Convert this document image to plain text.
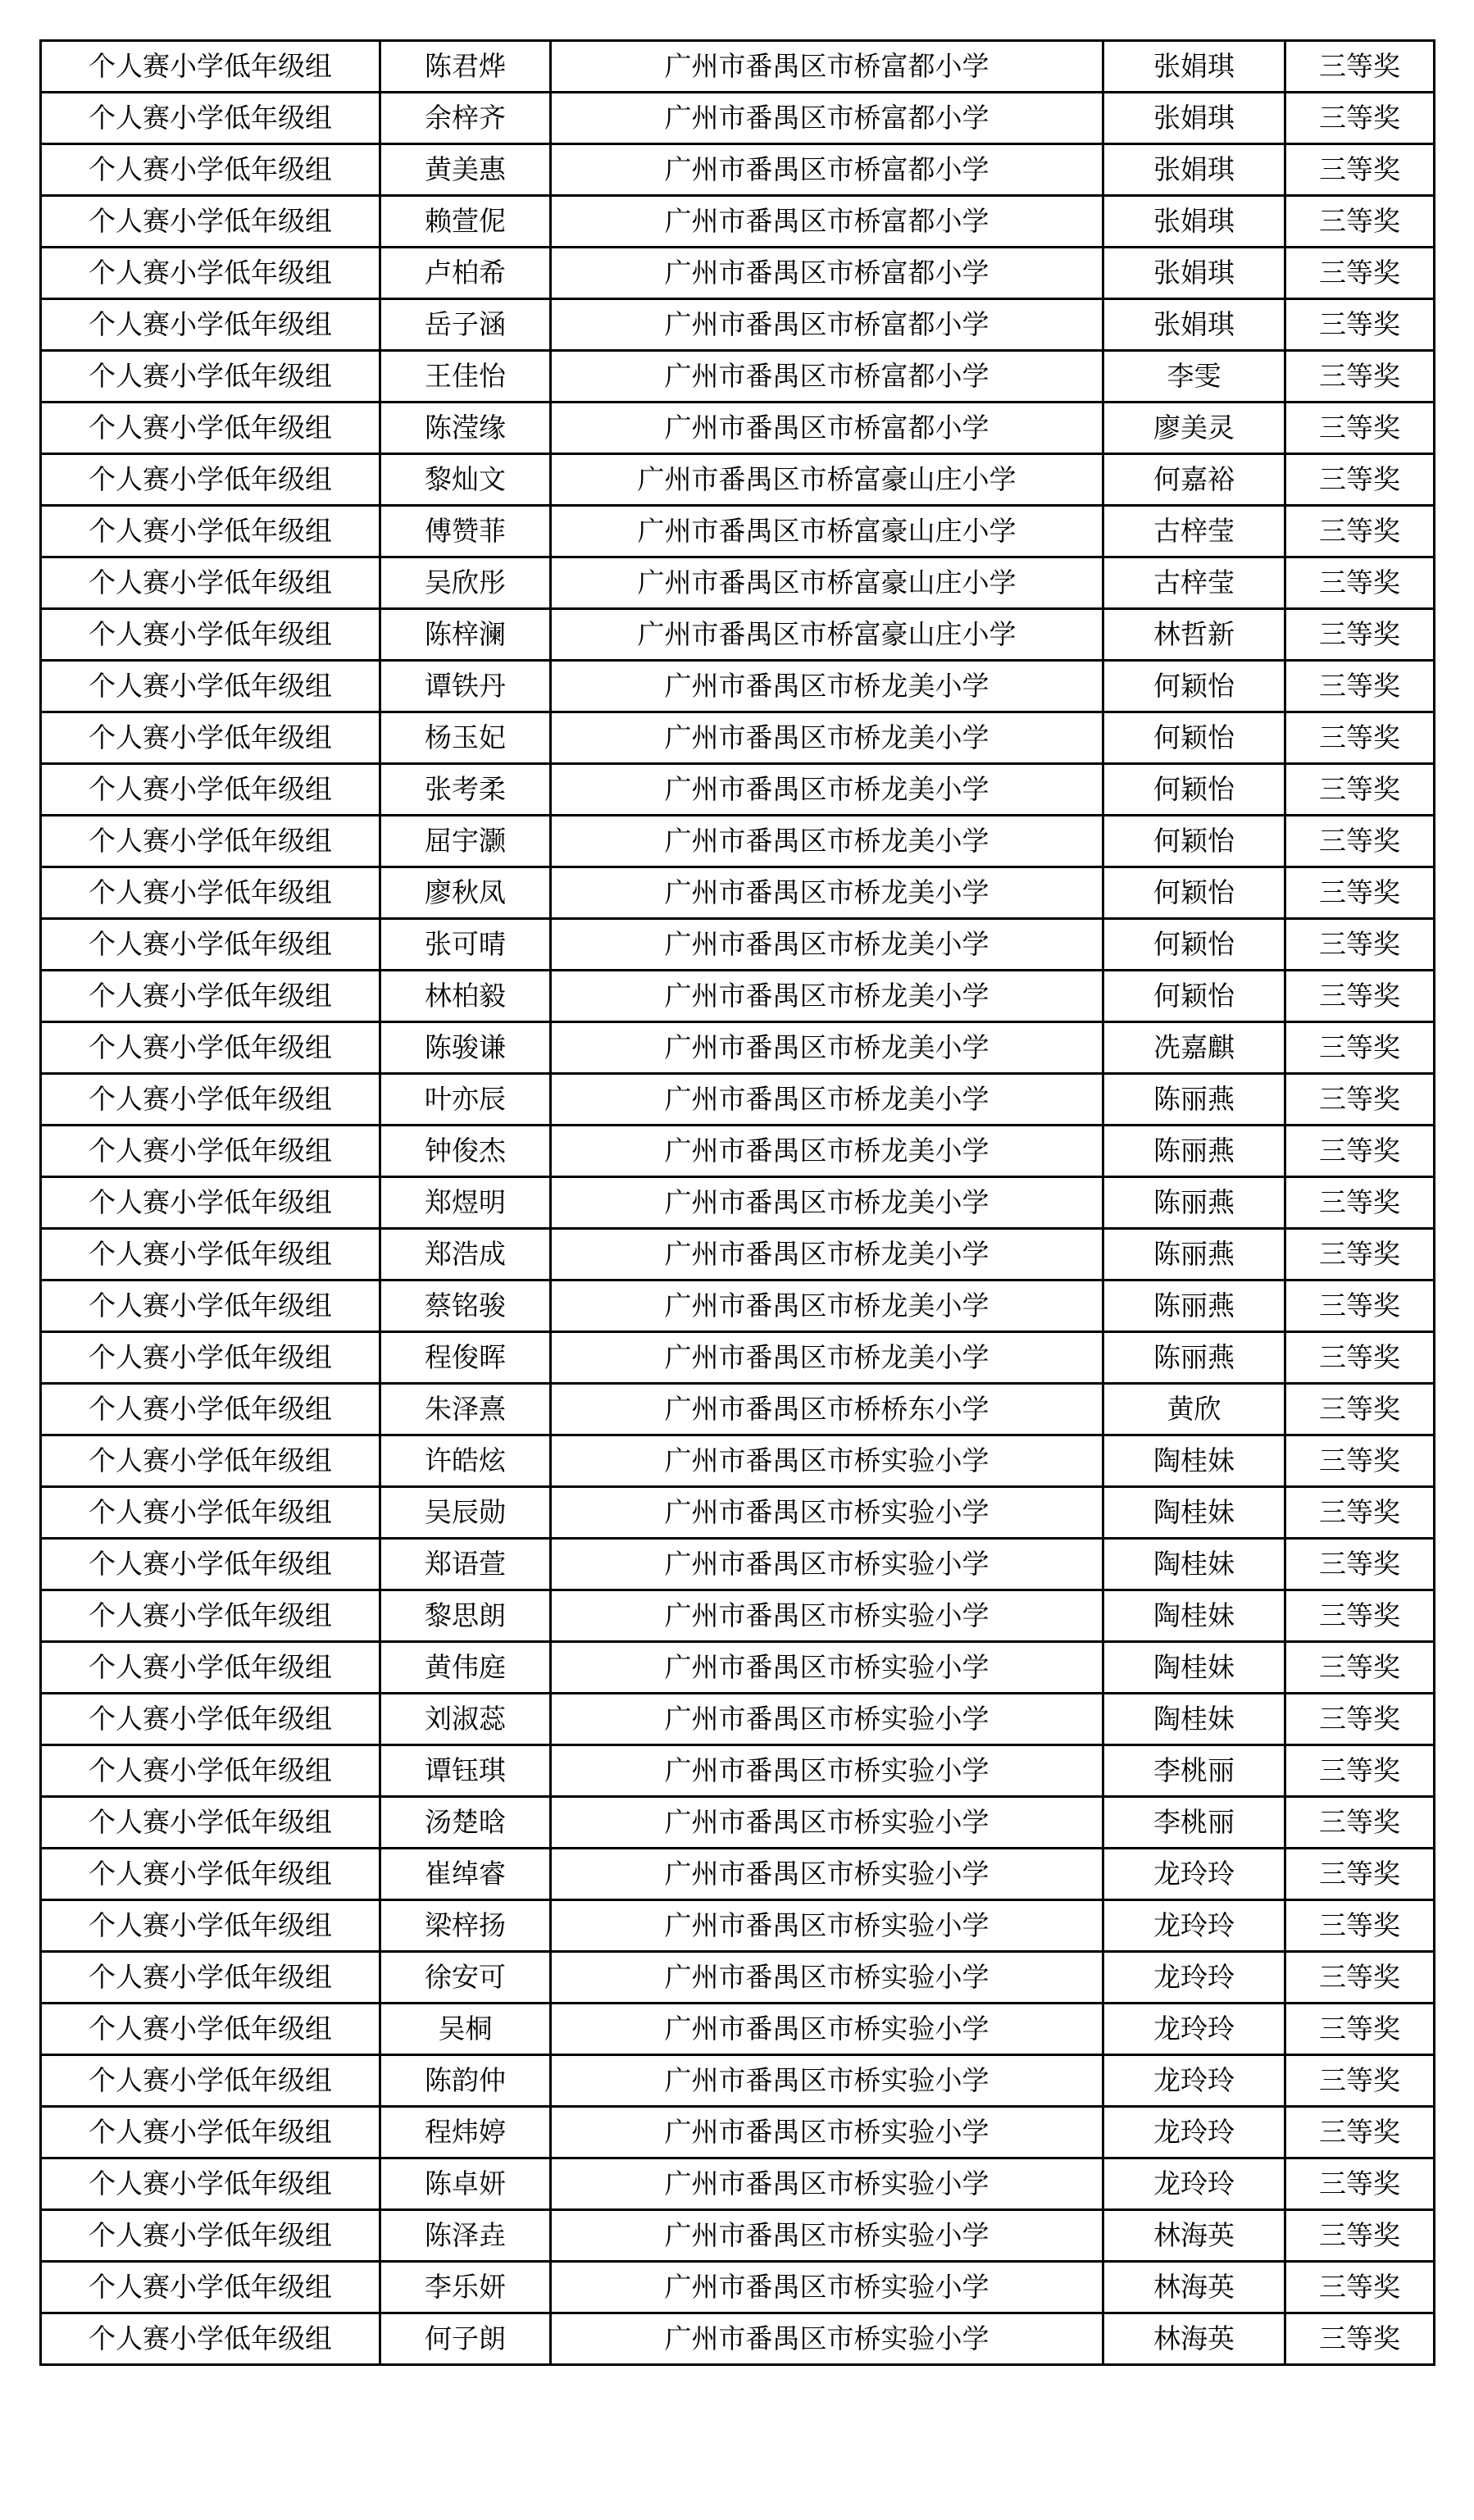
个人赛小学低年级组	陈君烨	广州市番禺区市桥富都小学	张娟琪	三等奖
个人赛小学低年级组	余梓齐	广州市番禺区市桥富都小学	张娟琪	三等奖
个人赛小学低年级组	黄美惠	广州市番禺区市桥富都小学	张娟琪	三等奖
个人赛小学低年级组	赖萱伲	广州市番禺区市桥富都小学	张娟琪	三等奖
个人赛小学低年级组	卢柏希	广州市番禺区市桥富都小学	张娟琪	三等奖
个人赛小学低年级组	岳子涵	广州市番禺区市桥富都小学	张娟琪	三等奖
个人赛小学低年级组	王佳怡	广州市番禺区市桥富都小学	李雯	三等奖
个人赛小学低年级组	陈滢缘	广州市番禺区市桥富都小学	廖美灵	三等奖
个人赛小学低年级组	黎灿文	广州市番禺区市桥富豪山庄小学	何嘉裕	三等奖
个人赛小学低年级组	傅赞菲	广州市番禺区市桥富豪山庄小学	古梓莹	三等奖
个人赛小学低年级组	吴欣彤	广州市番禺区市桥富豪山庄小学	古梓莹	三等奖
个人赛小学低年级组	陈梓澜	广州市番禺区市桥富豪山庄小学	林哲新	三等奖
个人赛小学低年级组	谭铁丹	广州市番禺区市桥龙美小学	何颖怡	三等奖
个人赛小学低年级组	杨玉妃	广州市番禺区市桥龙美小学	何颖怡	三等奖
个人赛小学低年级组	张考柔	广州市番禺区市桥龙美小学	何颖怡	三等奖
个人赛小学低年级组	屈宇灏	广州市番禺区市桥龙美小学	何颖怡	三等奖
个人赛小学低年级组	廖秋凤	广州市番禺区市桥龙美小学	何颖怡	三等奖
个人赛小学低年级组	张可晴	广州市番禺区市桥龙美小学	何颖怡	三等奖
个人赛小学低年级组	林柏毅	广州市番禺区市桥龙美小学	何颖怡	三等奖
个人赛小学低年级组	陈骏谦	广州市番禺区市桥龙美小学	冼嘉麒	三等奖
个人赛小学低年级组	叶亦辰	广州市番禺区市桥龙美小学	陈丽燕	三等奖
个人赛小学低年级组	钟俊杰	广州市番禺区市桥龙美小学	陈丽燕	三等奖
个人赛小学低年级组	郑煜明	广州市番禺区市桥龙美小学	陈丽燕	三等奖
个人赛小学低年级组	郑浩成	广州市番禺区市桥龙美小学	陈丽燕	三等奖
个人赛小学低年级组	蔡铭骏	广州市番禺区市桥龙美小学	陈丽燕	三等奖
个人赛小学低年级组	程俊晖	广州市番禺区市桥龙美小学	陈丽燕	三等奖
个人赛小学低年级组	朱泽熹	广州市番禺区市桥桥东小学	黄欣	三等奖
个人赛小学低年级组	许皓炫	广州市番禺区市桥实验小学	陶桂妹	三等奖
个人赛小学低年级组	吴辰勋	广州市番禺区市桥实验小学	陶桂妹	三等奖
个人赛小学低年级组	郑语萱	广州市番禺区市桥实验小学	陶桂妹	三等奖
个人赛小学低年级组	黎思朗	广州市番禺区市桥实验小学	陶桂妹	三等奖
个人赛小学低年级组	黄伟庭	广州市番禺区市桥实验小学	陶桂妹	三等奖
个人赛小学低年级组	刘淑蕊	广州市番禺区市桥实验小学	陶桂妹	三等奖
个人赛小学低年级组	谭钰琪	广州市番禺区市桥实验小学	李桃丽	三等奖
个人赛小学低年级组	汤楚晗	广州市番禺区市桥实验小学	李桃丽	三等奖
个人赛小学低年级组	崔绰睿	广州市番禺区市桥实验小学	龙玲玲	三等奖
个人赛小学低年级组	梁梓扬	广州市番禺区市桥实验小学	龙玲玲	三等奖
个人赛小学低年级组	徐安可	广州市番禺区市桥实验小学	龙玲玲	三等奖
个人赛小学低年级组	吴桐	广州市番禺区市桥实验小学	龙玲玲	三等奖
个人赛小学低年级组	陈韵仲	广州市番禺区市桥实验小学	龙玲玲	三等奖
个人赛小学低年级组	程炜婷	广州市番禺区市桥实验小学	龙玲玲	三等奖
个人赛小学低年级组	陈卓妍	广州市番禺区市桥实验小学	龙玲玲	三等奖
个人赛小学低年级组	陈泽垚	广州市番禺区市桥实验小学	林海英	三等奖
个人赛小学低年级组	李乐妍	广州市番禺区市桥实验小学	林海英	三等奖
个人赛小学低年级组	何子朗	广州市番禺区市桥实验小学	林海英	三等奖
